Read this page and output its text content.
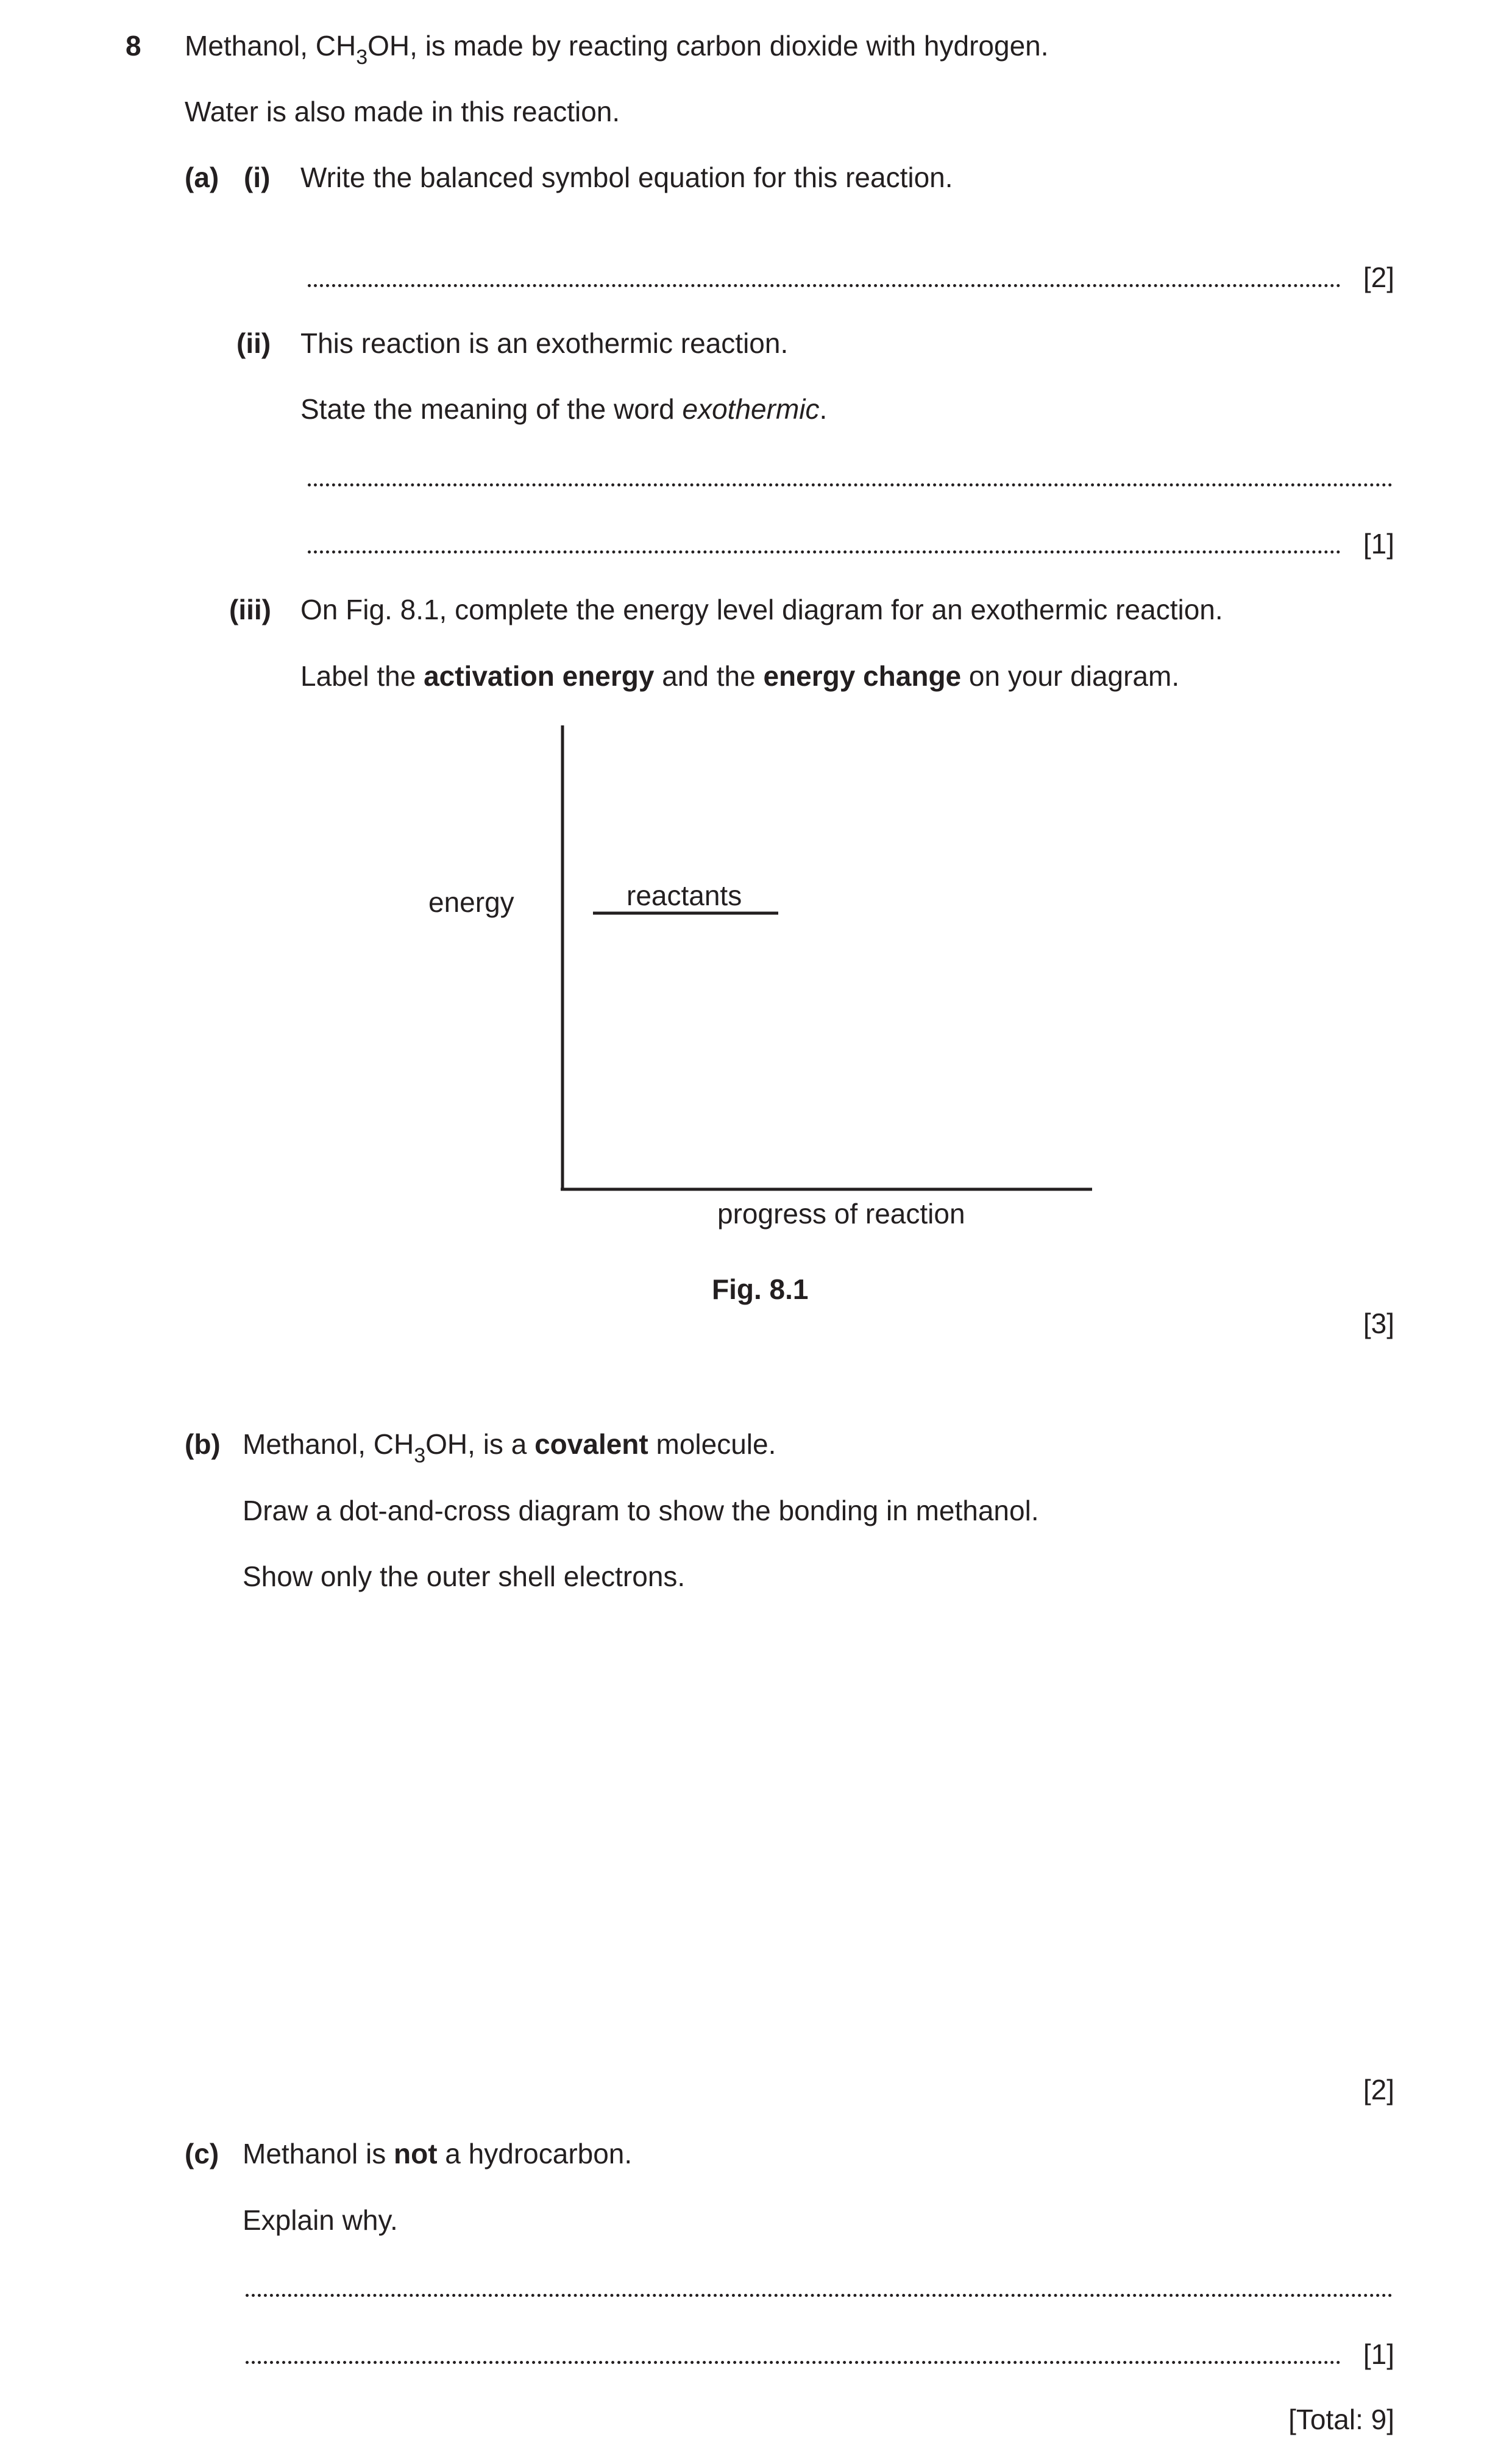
8 Methanol, $CH_3OH$, is made by reacting carbon dioxide with hydrogen.
Water is also made in this reaction.
(a) (i) Write the balanced symbol equation for this reaction.
[2]
(ii) This reaction is an exothermic reaction.
State the meaning of the word exothermic.
[1]
(iii) On Fig. 8.1, complete the energy level diagram for an exothermic reaction.
Label the activation energy and the energy change on your diagram.
energy	reactants
progress of reaction
Fig. 8.1
[3]
(b) Methanol, $CH_3OH$, is a covalent molecule.
Draw a dot-and-cross diagram to show the bonding in methanol.
Show only the outer shell electrons.
[2]
(c) Methanol is not a hydrocarbon.
Explain why.
[1]
[Total: 9]
